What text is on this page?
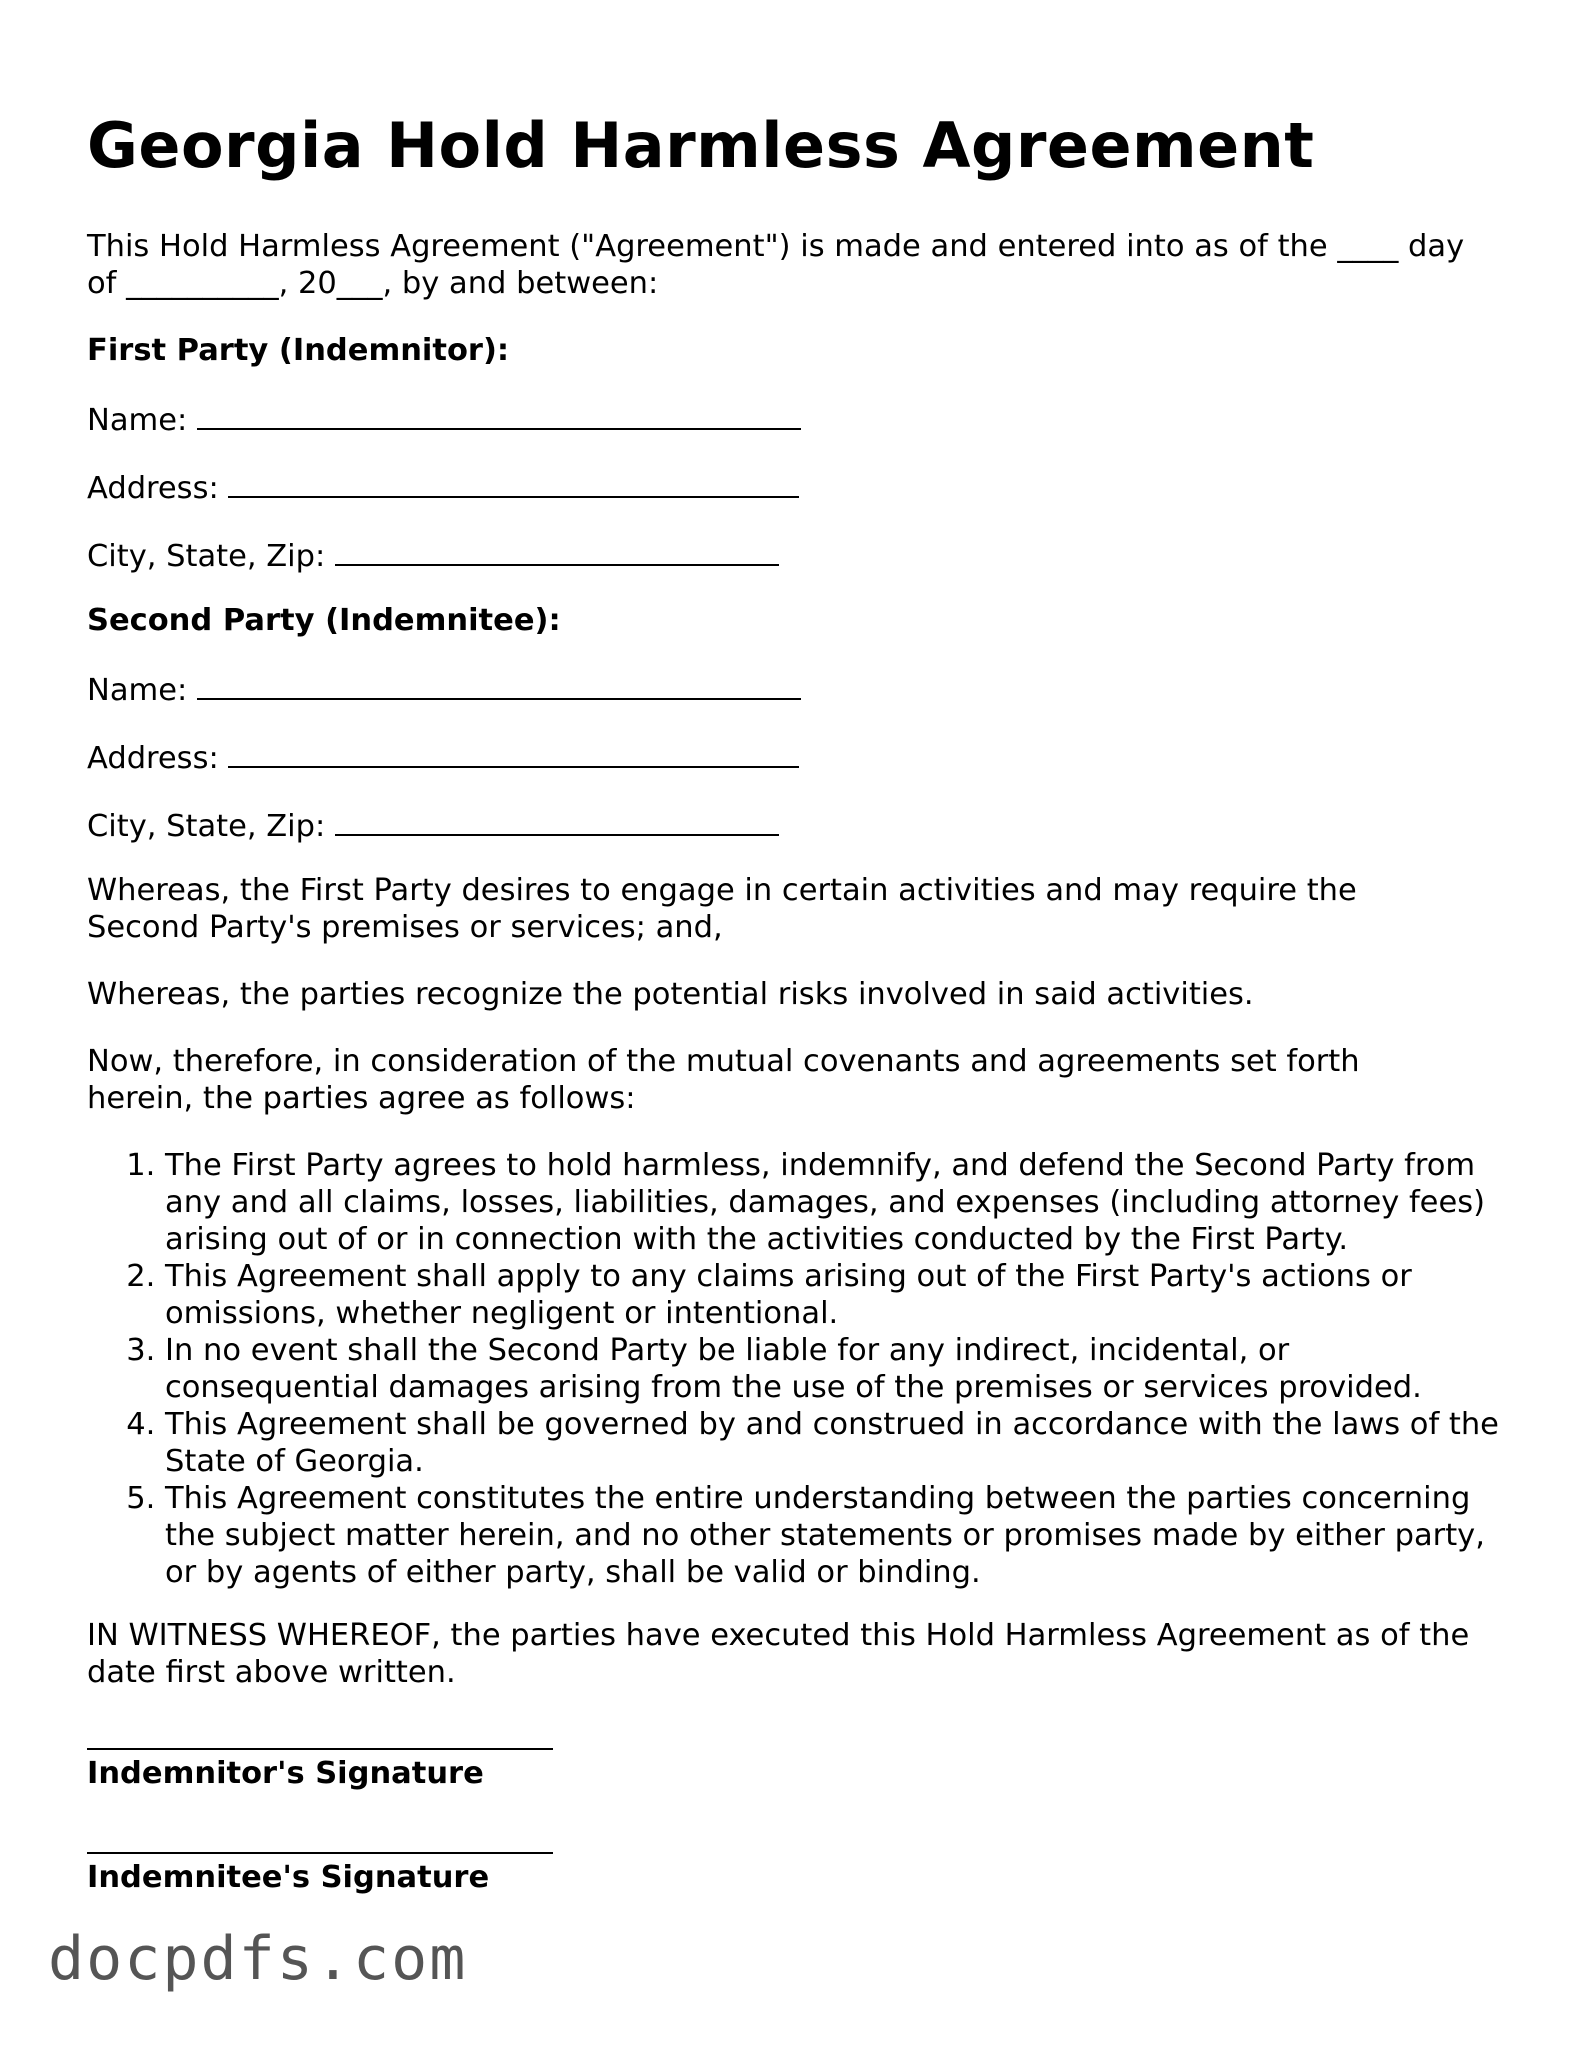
Georgia Hold Harmless Agreement

This Hold Harmless Agreement ("Agreement") is made and entered into as of the ____ day

of __________, 20___, by and between:

First Party (Indemnitor):

Name:
Address:
City, State, Zip:

Second Party (Indemnitee):

Name:
Address:
City, State, Zip:

Whereas, the First Party desires to engage in certain activities and may require the Second Party's premises or services; and,

Whereas, the parties recognize the potential risks involved in said activities.

Now, therefore, in consideration of the mutual covenants and agreements set forth herein, the parties agree as follows:

1. The First Party agrees to hold harmless, indemnify, and defend the Second Party from any and all claims, losses, liabilities, damages, and expenses (including attorney fees) arising out of or in connection with the activities conducted by the First Party.
2. This Agreement shall apply to any claims arising out of the First Party's actions or omissions, whether negligent or intentional.
3. In no event shall the Second Party be liable for any indirect, incidental, or consequential damages arising from the use of the premises or services provided.
4. This Agreement shall be governed by and construed in accordance with the laws of the State of Georgia.
5. This Agreement constitutes the entire understanding between the parties concerning the subject matter herein, and no other statements or promises made by either party, or by agents of either party, shall be valid or binding.

IN WITNESS WHEREOF, the parties have executed this Hold Harmless Agreement as of the date first above written.

Indemnitor's Signature

Indemnitee's Signature

docpdfs.com
